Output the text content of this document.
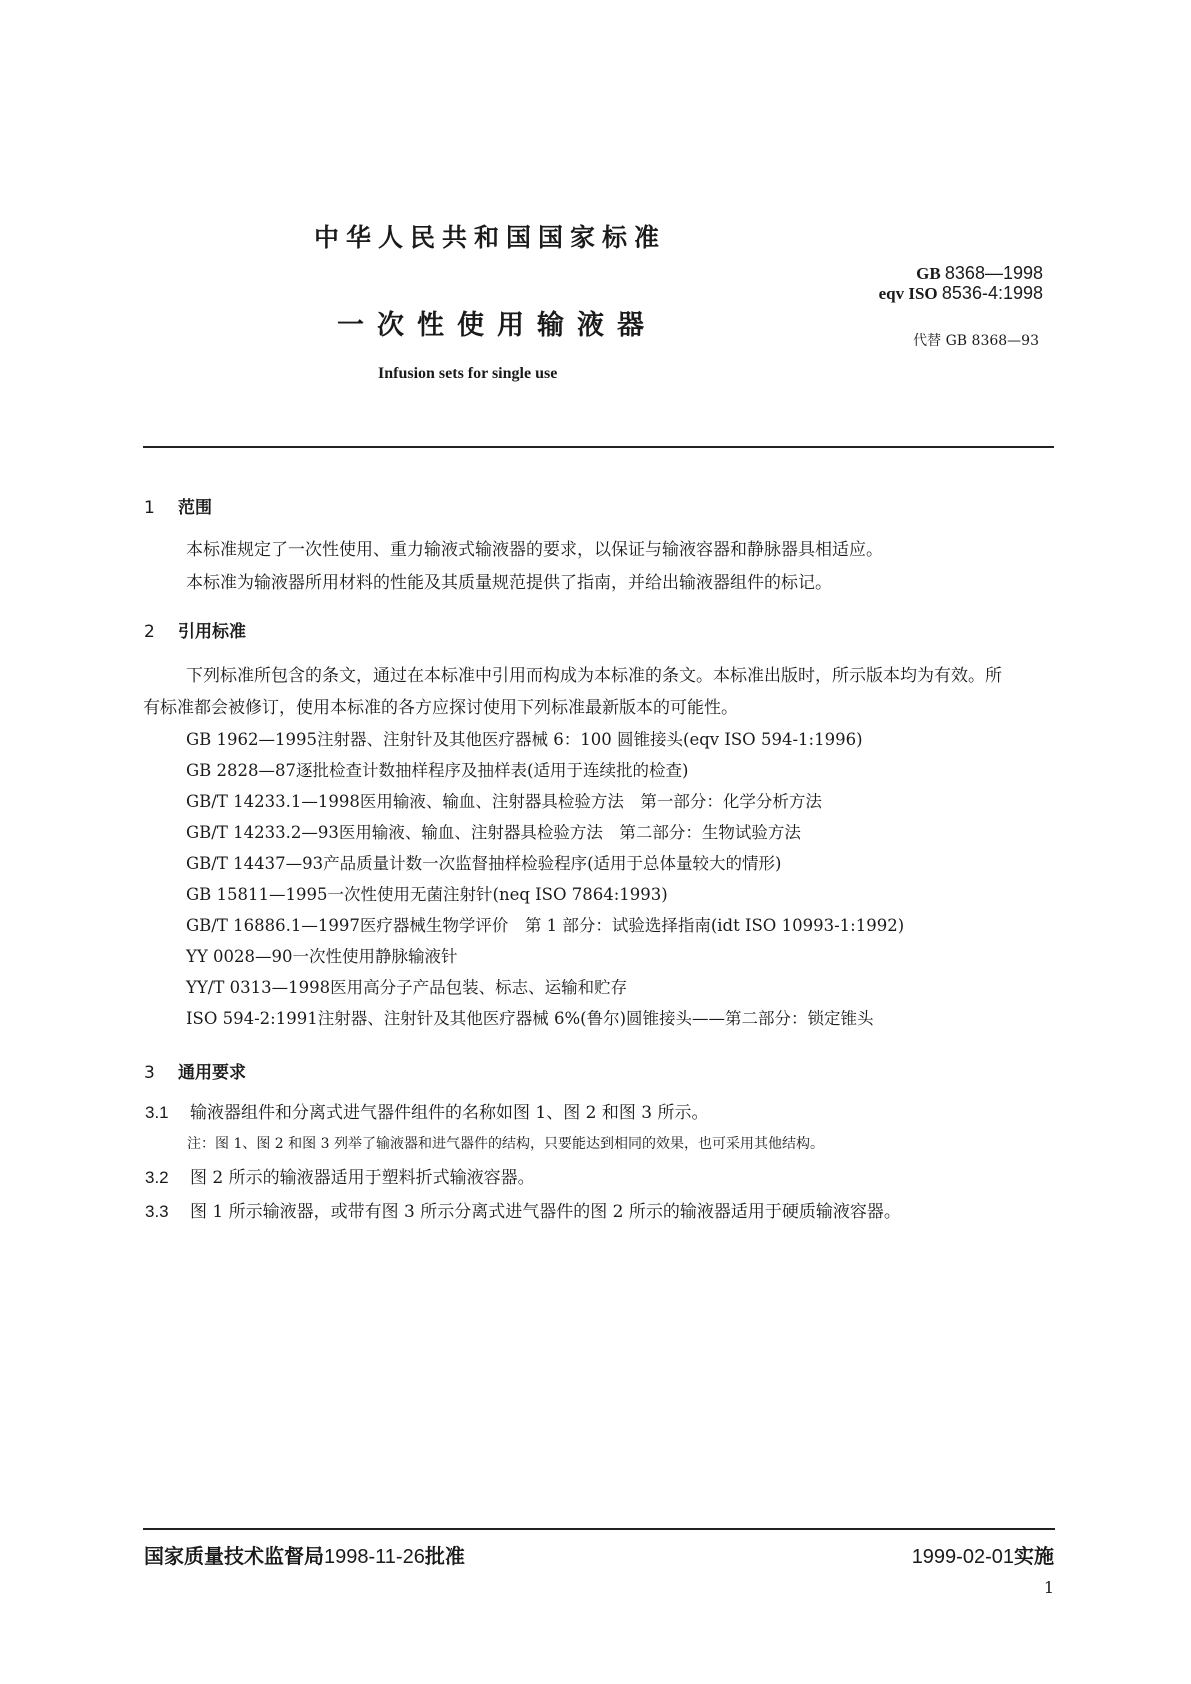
中华人民共和国国家标准
GB 8368—1998
eqv ISO 8536-4:1998
一次性使用输液器	代替 GB 8368—93
Infusion sets for single use
1 范围
本标准规定了一次性使用、重力输液式输液器的要求，以保证与输液容器和静脉器具相适应。
本标准为输液器所用材料的性能及其质量规范提供了指南，并给出输液器组件的标记。
2 引用标准
下列标准所包含的条文，通过在本标准中引用而构成为本标准的条文。本标准出版时，所示版本均为有效。所有标准都会被修订，使用本标准的各方应探讨使用下列标准最新版本的可能性。
GB 1962—1995注射器、注射针及其他医疗器械 6：100 圆锥接头(eqv ISO 594-1:1996)
GB 2828—87逐批检查计数抽样程序及抽样表(适用于连续批的检查)
GB/T 14233.1—1998医用输液、输血、注射器具检验方法　第一部分：化学分析方法
GB/T 14233.2—93医用输液、输血、注射器具检验方法　第二部分：生物试验方法
GB/T 14437—93产品质量计数一次监督抽样检验程序(适用于总体量较大的情形)
GB 15811—1995一次性使用无菌注射针(neq ISO 7864:1993)
GB/T 16886.1—1997医疗器械生物学评价　第 1 部分：试验选择指南(idt ISO 10993-1:1992)
YY 0028—90一次性使用静脉输液针
YY/T 0313—1998医用高分子产品包装、标志、运输和贮存
ISO 594-2:1991注射器、注射针及其他医疗器械 6%(鲁尔)圆锥接头——第二部分：锁定锥头
3 通用要求
3.1 输液器组件和分离式进气器件组件的名称如图 1、图 2 和图 3 所示。
注：图 1、图 2 和图 3 列举了输液器和进气器件的结构，只要能达到相同的效果，也可采用其他结构。
3.2 图 2 所示的输液器适用于塑料折式输液容器。
3.3 图 1 所示输液器，或带有图 3 所示分离式进气器件的图 2 所示的输液器适用于硬质输液容器。
国家质量技术监督局1998-11-26批准	1999-02-01实施
1
